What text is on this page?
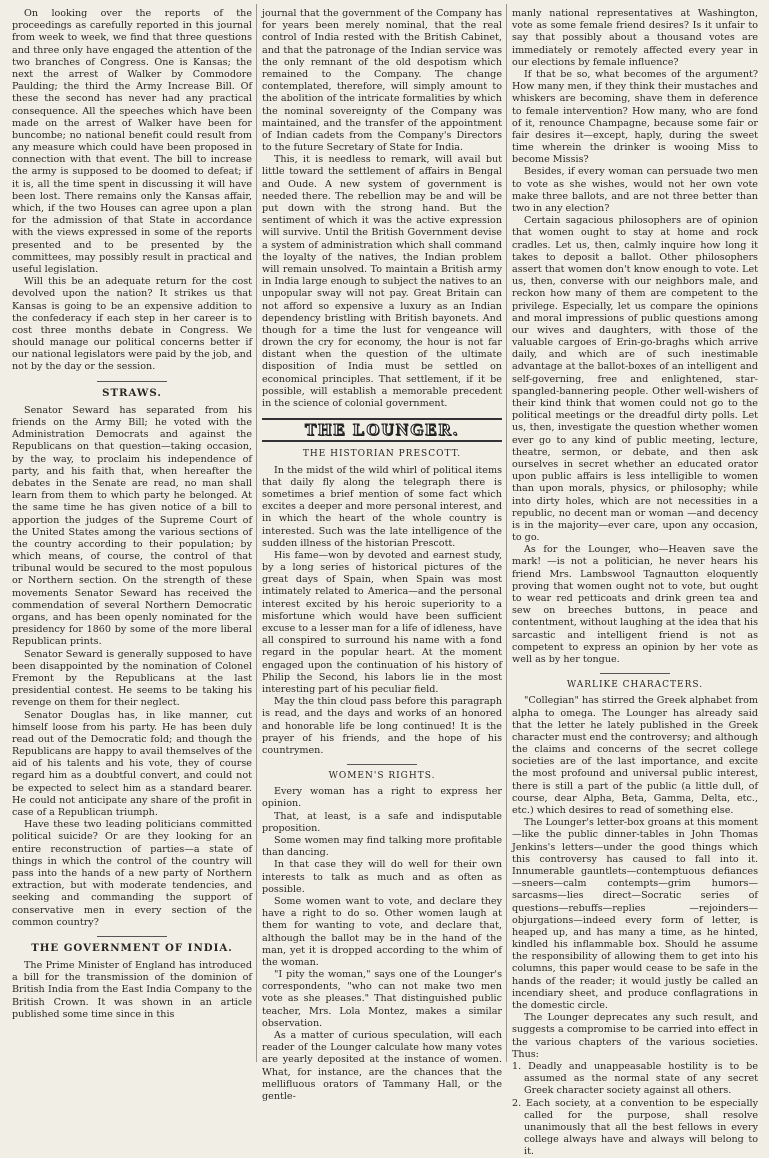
On looking over the reports of the proceedings as carefully reported in this journal from week to week, we find that three questions and three only have engaged the attention of the two branches of Congress. One is Kansas; the next the arrest of Walker by Commodore Paulding; the third the Army Increase Bill. Of these the second has never had any practical consequence. All the speeches which have been made on the arrest of Walker have been for buncombe; no national benefit could result from any measure which could have been proposed in connection with that event. The bill to increase the army is supposed to be doomed to defeat; if it is, all the time spent in discussing it will have been lost. There remains only the Kansas affair, which, if the two Houses can agree upon a plan for the admission of that State in accordance with the views expressed in some of the reports presented and to be presented by the committees, may possibly result in practical and useful legislation.

Will this be an adequate return for the cost devolved upon the nation? It strikes us that Kansas is going to be an expensive addition to the confederacy if each step in her career is to cost three months debate in Congress. We should manage our political concerns better if our national legislators were paid by the job, and not by the day or the session.

STRAWS.

Senator Seward has separated from his friends on the Army Bill; he voted with the Administration Democrats and against the Republicans on that question—taking occasion, by the way, to proclaim his independence of party, and his faith that, when hereafter the debates in the Senate are read, no man shall learn from them to which party he belonged. At the same time he has given notice of a bill to apportion the judges of the Supreme Court of the United States among the various sections of the country according to their population; by which means, of course, the control of that tribunal would be secured to the most populous or Northern section. On the strength of these movements Senator Seward has received the commendation of several Northern Democratic organs, and has been openly nominated for the presidency for 1860 by some of the more liberal Republican prints.

Senator Seward is generally supposed to have been disappointed by the nomination of Colonel Fremont by the Republicans at the last presidential contest. He seems to be taking his revenge on them for their neglect.

Senator Douglas has, in like manner, cut himself loose from his party. He has been duly read out of the Democratic fold; and though the Republicans are happy to avail themselves of the aid of his talents and his vote, they of course regard him as a doubtful convert, and could not be expected to select him as a standard bearer. He could not anticipate any share of the profit in case of a Republican triumph.

Have these two leading politicians committed political suicide? Or are they looking for an entire reconstruction of parties—a state of things in which the control of the country will pass into the hands of a new party of Northern extraction, but with moderate tendencies, and seeking and commanding the support of conservative men in every section of the common country?

THE GOVERNMENT OF INDIA.

The Prime Minister of England has introduced a bill for the transmission of the dominion of British India from the East India Company to the British Crown. It was shown in an article published some time since in this

journal that the government of the Company has for years been merely nominal, that the real control of India rested with the British Cabinet, and that the patronage of the Indian service was the only remnant of the old despotism which remained to the Company. The change contemplated, therefore, will simply amount to the abolition of the intricate formalities by which the nominal sovereignty of the Company was maintained, and the transfer of the appointment of Indian cadets from the Company's Directors to the future Secretary of State for India.

This, it is needless to remark, will avail but little toward the settlement of affairs in Bengal and Oude. A new system of government is needed there. The rebellion may be and will be put down with the strong hand. But the sentiment of which it was the active expression will survive. Until the British Government devise a system of administration which shall command the loyalty of the natives, the Indian problem will remain unsolved. To maintain a British army in India large enough to subject the natives to an unpopular sway will not pay. Great Britain can not afford so expensive a luxury as an Indian dependency bristling with British bayonets. And though for a time the lust for vengeance will drown the cry for economy, the hour is not far distant when the question of the ultimate disposition of India must be settled on economical principles. That settlement, if it be possible, will establish a memorable precedent in the science of colonial government.

THE LOUNGER.
THE HISTORIAN PRESCOTT.

In the midst of the wild whirl of political items that daily fly along the telegraph there is sometimes a brief mention of some fact which excites a deeper and more personal interest, and in which the heart of the whole country is interested. Such was the late intelligence of the sudden illness of the historian Prescott.

His fame—won by devoted and earnest study, by a long series of historical pictures of the great days of Spain, when Spain was most intimately related to America—and the personal interest excited by his heroic superiority to a misfortune which would have been sufficient excuse to a lesser man for a life of idleness, have all conspired to surround his name with a fond regard in the popular heart. At the moment engaged upon the continuation of his history of Philip the Second, his labors lie in the most interesting part of his peculiar field.

May the thin cloud pass before this paragraph is read, and the days and works of an honored and honorable life be long continued! It is the prayer of his friends, and the hope of his countrymen.

WOMEN'S RIGHTS.

Every woman has a right to express her opinion.

That, at least, is a safe and indisputable proposition.

Some women may find talking more profitable than dancing.

In that case they will do well for their own interests to talk as much and as often as possible.

Some women want to vote, and declare they have a right to do so. Other women laugh at them for wanting to vote, and declare that, although the ballot may be in the hand of the man, yet it is dropped according to the whim of the woman.

"I pity the woman," says one of the Lounger's correspondents, "who can not make two men vote as she pleases." That distinguished public teacher, Mrs. Lola Montez, makes a similar observation.

As a matter of curious speculation, will each reader of the Lounger calculate how many votes are yearly deposited at the instance of women. What, for instance, are the chances that the mellifluous orators of Tammany Hall, or the gentle-

manly national representatives at Washington, vote as some female friend desires? Is it unfair to say that possibly about a thousand votes are immediately or remotely affected every year in our elections by female influence?

If that be so, what becomes of the argument? How many men, if they think their mustaches and whiskers are becoming, shave them in deference to female intervention? How many, who are fond of it, renounce Champagne, because some fair or fair desires it—except, haply, during the sweet time wherein the drinker is wooing Miss to become Missis?

Besides, if every woman can persuade two men to vote as she wishes, would not her own vote make three ballots, and are not three better than two in any election?

Certain sagacious philosophers are of opinion that women ought to stay at home and rock cradles. Let us, then, calmly inquire how long it takes to deposit a ballot. Other philosophers assert that women don't know enough to vote. Let us, then, converse with our neighbors male, and reckon how many of them are competent to the privilege. Especially, let us compare the opinions and moral impressions of public questions among our wives and daughters, with those of the valuable cargoes of Erin-go-braghs which arrive daily, and which are of such inestimable advantage at the ballot-boxes of an intelligent and self-governing, free and enlightened, star-spangled-bannering people. Other well-wishers of their kind think that women could not go to the political meetings or the dreadful dirty polls. Let us, then, investigate the question whether women ever go to any kind of public meeting, lecture, theatre, sermon, or debate, and then ask ourselves in secret whether an educated orator upon public affairs is less intelligible to women than upon morals, physics, or philosophy; while into dirty holes, which are not necessities in a republic, no decent man or woman —and decency is in the majority—ever care, upon any occasion, to go.

As for the Lounger, who—Heaven save the mark! —is not a politician, he never hears his friend Mrs. Lambswool Tagnautton eloquently proving that women ought not to vote, but ought to wear red petticoats and drink green tea and sew on breeches buttons, in peace and contentment, without laughing at the idea that his sarcastic and intelligent friend is not as competent to express an opinion by her vote as well as by her tongue.

WARLIKE CHARACTERS.

"Collegian" has stirred the Greek alphabet from alpha to omega. The Lounger has already said that the letter he lately published in the Greek character must end the controversy; and although the claims and concerns of the secret college societies are of the last importance, and excite the most profound and universal public interest, there is still a part of the public (a little dull, of course, dear Alpha, Beta, Gamma, Delta, etc., etc.) which desires to read of something else.

The Lounger's letter-box groans at this moment —like the public dinner-tables in John Thomas Jenkins's letters—under the good things which this controversy has caused to fall into it. Innumerable gauntlets—contemptuous defiances—sneers—calm contempts—grim humors—sarcasms—lies direct—Socratic series of questions—rebuffs—replies —rejoinders—objurgations—indeed every form of letter, is heaped up, and has many a time, as he hinted, kindled his inflammable box. Should he assume the responsibility of allowing them to get into his columns, this paper would cease to be safe in the hands of the reader; it would justly be called an incendiary sheet, and produce conflagrations in the domestic circle.

The Lounger deprecates any such result, and suggests a compromise to be carried into effect in the various chapters of the various societies. Thus:

1. Deadly and unappeasable hostility is to be assumed as the normal state of any secret Greek character society against all others.

2. Each society, at a convention to be especially called for the purpose, shall resolve unanimously that all the best fellows in every college always have and always will belong to it.
